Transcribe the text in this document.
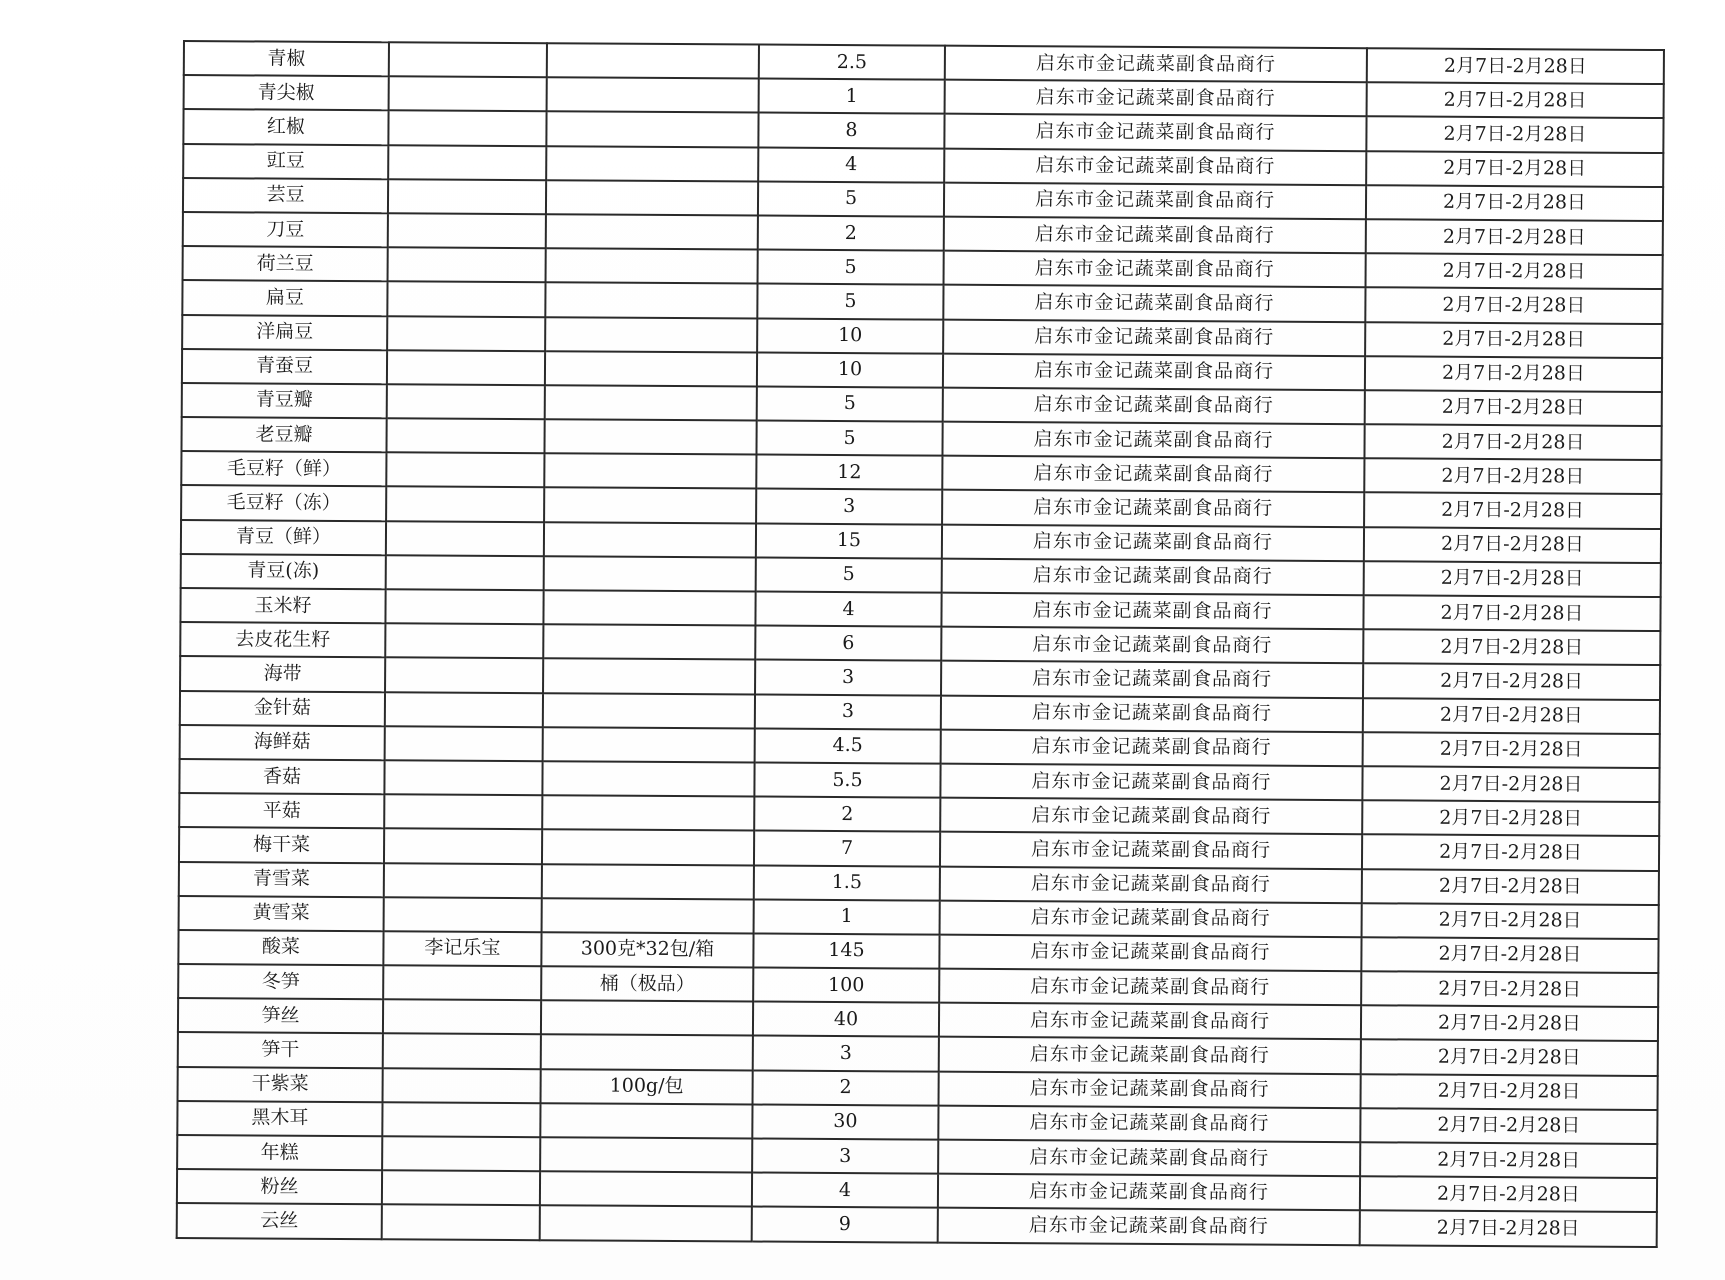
青椒			2.5	启东市金记蔬菜副食品商行	2月7日-2月28日
青尖椒			1	启东市金记蔬菜副食品商行	2月7日-2月28日
红椒			8	启东市金记蔬菜副食品商行	2月7日-2月28日
豇豆			4	启东市金记蔬菜副食品商行	2月7日-2月28日
芸豆			5	启东市金记蔬菜副食品商行	2月7日-2月28日
刀豆			2	启东市金记蔬菜副食品商行	2月7日-2月28日
荷兰豆			5	启东市金记蔬菜副食品商行	2月7日-2月28日
扁豆			5	启东市金记蔬菜副食品商行	2月7日-2月28日
洋扁豆			10	启东市金记蔬菜副食品商行	2月7日-2月28日
青蚕豆			10	启东市金记蔬菜副食品商行	2月7日-2月28日
青豆瓣			5	启东市金记蔬菜副食品商行	2月7日-2月28日
老豆瓣			5	启东市金记蔬菜副食品商行	2月7日-2月28日
毛豆籽（鲜）			12	启东市金记蔬菜副食品商行	2月7日-2月28日
毛豆籽（冻）			3	启东市金记蔬菜副食品商行	2月7日-2月28日
青豆（鲜）			15	启东市金记蔬菜副食品商行	2月7日-2月28日
青豆(冻)			5	启东市金记蔬菜副食品商行	2月7日-2月28日
玉米籽			4	启东市金记蔬菜副食品商行	2月7日-2月28日
去皮花生籽			6	启东市金记蔬菜副食品商行	2月7日-2月28日
海带			3	启东市金记蔬菜副食品商行	2月7日-2月28日
金针菇			3	启东市金记蔬菜副食品商行	2月7日-2月28日
海鲜菇			4.5	启东市金记蔬菜副食品商行	2月7日-2月28日
香菇			5.5	启东市金记蔬菜副食品商行	2月7日-2月28日
平菇			2	启东市金记蔬菜副食品商行	2月7日-2月28日
梅干菜			7	启东市金记蔬菜副食品商行	2月7日-2月28日
青雪菜			1.5	启东市金记蔬菜副食品商行	2月7日-2月28日
黄雪菜			1	启东市金记蔬菜副食品商行	2月7日-2月28日
酸菜	李记乐宝	300克*32包/箱	145	启东市金记蔬菜副食品商行	2月7日-2月28日
冬笋		桶（极品）	100	启东市金记蔬菜副食品商行	2月7日-2月28日
笋丝			40	启东市金记蔬菜副食品商行	2月7日-2月28日
笋干			3	启东市金记蔬菜副食品商行	2月7日-2月28日
干紫菜		100g/包	2	启东市金记蔬菜副食品商行	2月7日-2月28日
黑木耳			30	启东市金记蔬菜副食品商行	2月7日-2月28日
年糕			3	启东市金记蔬菜副食品商行	2月7日-2月28日
粉丝			4	启东市金记蔬菜副食品商行	2月7日-2月28日
云丝			9	启东市金记蔬菜副食品商行	2月7日-2月28日
